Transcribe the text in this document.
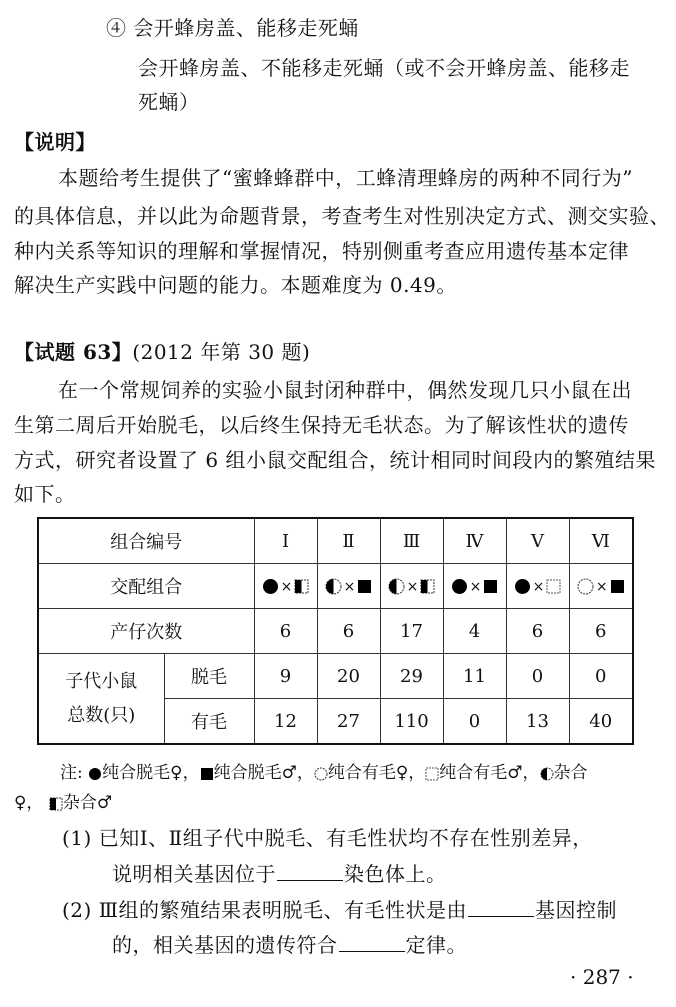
④ 会开蜂房盖、能移走死蛹
会开蜂房盖、不能移走死蛹（或不会开蜂房盖、能移走
死蛹）
【说明】
本题给考生提供了“蜜蜂蜂群中，工蜂清理蜂房的两种不同行为”
的具体信息，并以此为命题背景，考查考生对性别决定方式、测交实验、
种内关系等知识的理解和掌握情况，特别侧重考查应用遗传基本定律
解决生产实践中问题的能力。本题难度为 0.49。
【试题 63】(2012 年第 30 题)
在一个常规饲养的实验小鼠封闭种群中，偶然发现几只小鼠在出
生第二周后开始脱毛，以后终生保持无毛状态。为了解该性状的遗传
方式，研究者设置了 6 组小鼠交配组合，统计相同时间段内的繁殖结果
如下。
组合编号		Ⅰ	Ⅱ	Ⅲ	Ⅳ	Ⅴ	Ⅵ
交配组合		×	×	×	×	×	×
产仔次数		6	6	17	4	6	6

子代小鼠
总数(只)	脱毛	9	20	29	11	0	0
	有毛	12	27	110	0	13	40
注: 纯合脱毛♀， 纯合脱毛♂， 纯合有毛♀， 纯合有毛♂， 杂合
♀， 杂合♂
(1) 已知Ⅰ、Ⅱ组子代中脱毛、有毛性状均不存在性别差异，
说明相关基因位于	染色体上。
(2) Ⅲ组的繁殖结果表明脱毛、有毛性状是由	基因控制
的，相关基因的遗传符合	定律。
· 287 ·
